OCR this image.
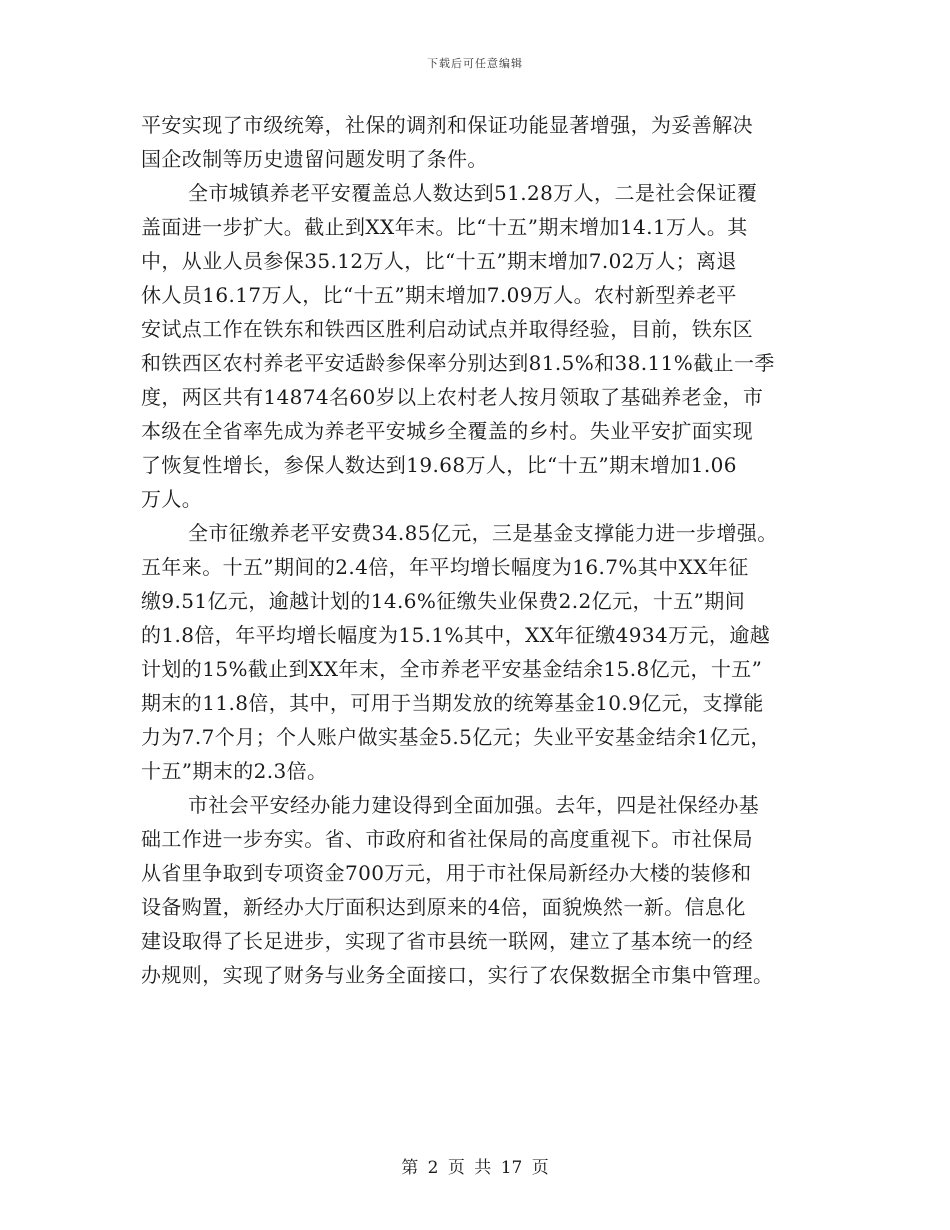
下载后可任意编辑
平安实现了市级统筹，社保的调剂和保证功能显著增强，为妥善解决
国企改制等历史遗留问题发明了条件。
全市城镇养老平安覆盖总人数达到51.28万人，二是社会保证覆
盖面进一步扩大。截止到XX年末。比“十五”期末增加14.1万人。其
中，从业人员参保35.12万人，比“十五”期末增加7.02万人；离退
休人员16.17万人，比“十五”期末增加7.09万人。农村新型养老平
安试点工作在铁东和铁西区胜利启动试点并取得经验，目前，铁东区
和铁西区农村养老平安适龄参保率分别达到81.5%和38.11%截止一季
度，两区共有14874名60岁以上农村老人按月领取了基础养老金，市
本级在全省率先成为养老平安城乡全覆盖的乡村。失业平安扩面实现
了恢复性增长，参保人数达到19.68万人，比“十五”期末增加1.06
万人。
全市征缴养老平安费34.85亿元，三是基金支撑能力进一步增强。
五年来。十五”期间的2.4倍，年平均增长幅度为16.7%其中XX年征
缴9.51亿元，逾越计划的14.6%征缴失业保费2.2亿元，十五”期间
的1.8倍，年平均增长幅度为15.1%其中，XX年征缴4934万元，逾越
计划的15%截止到XX年末，全市养老平安基金结余15.8亿元，十五”
期末的11.8倍，其中，可用于当期发放的统筹基金10.9亿元，支撑能
力为7.7个月；个人账户做实基金5.5亿元；失业平安基金结余1亿元，
十五”期末的2.3倍。
市社会平安经办能力建设得到全面加强。去年，四是社保经办基
础工作进一步夯实。省、市政府和省社保局的高度重视下。市社保局
从省里争取到专项资金700万元，用于市社保局新经办大楼的装修和
设备购置，新经办大厅面积达到原来的4倍，面貌焕然一新。信息化
建设取得了长足进步，实现了省市县统一联网，建立了基本统一的经
办规则，实现了财务与业务全面接口，实行了农保数据全市集中管理。
第 2 页 共 17 页
